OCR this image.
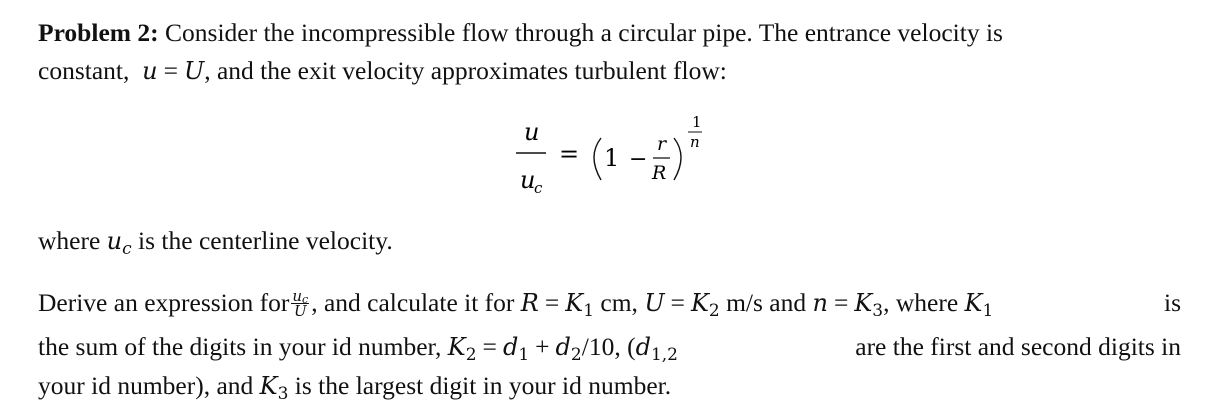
Problem 2: Consider the incompressible flow through a circular pipe. The entrance velocity is
constant, u = U, and the exit velocity approximates turbulent flow:
u
u
c
= 1 −
r
R
1
n
where $u_c$ is the centerline velocity.
Derive an expression for $\frac{u_c}{U}$ , and calculate it for $R = K_1$ cm, $U = K_2$ m/s and $n = K_3$, where $K_1$	is
the sum of the digits in your id number, $K_2 = d_1 + d_2/10$, ($d_{1,2}$	are the first and second digits in
your id number), and $K_3$ is the largest digit in your id number.
